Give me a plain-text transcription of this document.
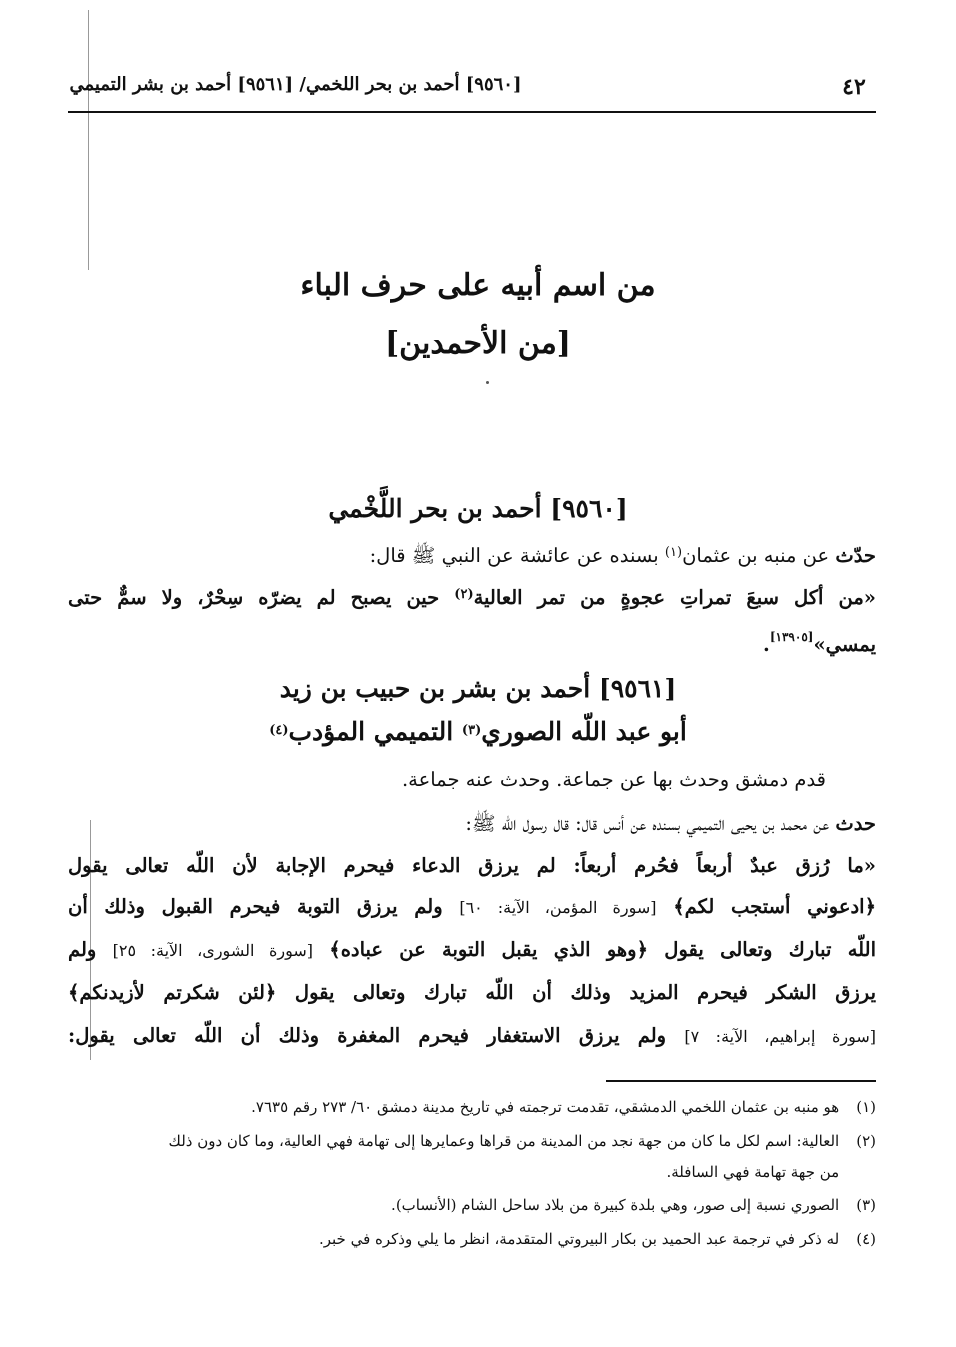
٤٢
[٩٥٦٠] أحمد بن بحر اللخمي/ [٩٥٦١] أحمد بن بشر التميمي
من اسم أبيه على حرف الباء
[من الأحمدين]
[٩٥٦٠] أحمد بن بحر اللَّخْمي
حدّث عن منبه بن عثمان$^{(١)}$ بسنده عن عائشة عن النبي ﷺ قال:
«من أكل سبعَ تمراتِ عجوةٍ من تمر العالية$^{(٢)}$ حين يصبح لم يضرّه سِحْرٌ، ولا سمٌّ حتى
يمسي»[١٣٩٠٥].
[٩٥٦١] أحمد بن بشر بن حبيب بن زيد
أبو عبد اللّه الصوري$^{(٣)}$ التميمي المؤدب$^{(٤)}$
قدم دمشق وحدث بها عن جماعة. وحدث عنه جماعة.
حدث عن محمد بن يحيى التميمي بسنده عن أنس قال: قال رسول الله ﷺ:
«ما رُزق عبدٌ أربعاً فحُرم أربعاً: لم يرزق الدعاء فيحرم الإجابة لأن اللّه تعالى يقول
﴿ادعوني أستجب لكم﴾ [سورة المؤمن، الآية: ٦٠] ولم يرزق التوبة فيحرم القبول وذلك أن
اللّه تبارك وتعالى يقول ﴿وهو الذي يقبل التوبة عن عباده﴾ [سورة الشورى، الآية: ٢٥] ولم
يرزق الشكر فيحرم المزيد وذلك أن اللّه تبارك وتعالى يقول ﴿لئن شكرتم لأزيدنكم﴾
[سورة إبراهيم، الآية: ٧] ولم يرزق الاستغفار فيحرم المغفرة وذلك أن اللّه تعالى يقول:
(١) هو منبه بن عثمان اللخمي الدمشقي، تقدمت ترجمته في تاريخ مدينة دمشق ٦٠/ ٢٧٣ رقم ٧٦٣٥.
(٢) العالية: اسم لكل ما كان من جهة نجد من المدينة من قراها وعمايرها إلى تهامة فهي العالية، وما كان دون ذلك
من جهة تهامة فهي السافلة.
(٣) الصوري نسبة إلى صور، وهي بلدة كبيرة من بلاد ساحل الشام (الأنساب).
(٤) له ذكر في ترجمة عبد الحميد بن بكار البيروتي المتقدمة، انظر ما يلي وذكره في خبر.
